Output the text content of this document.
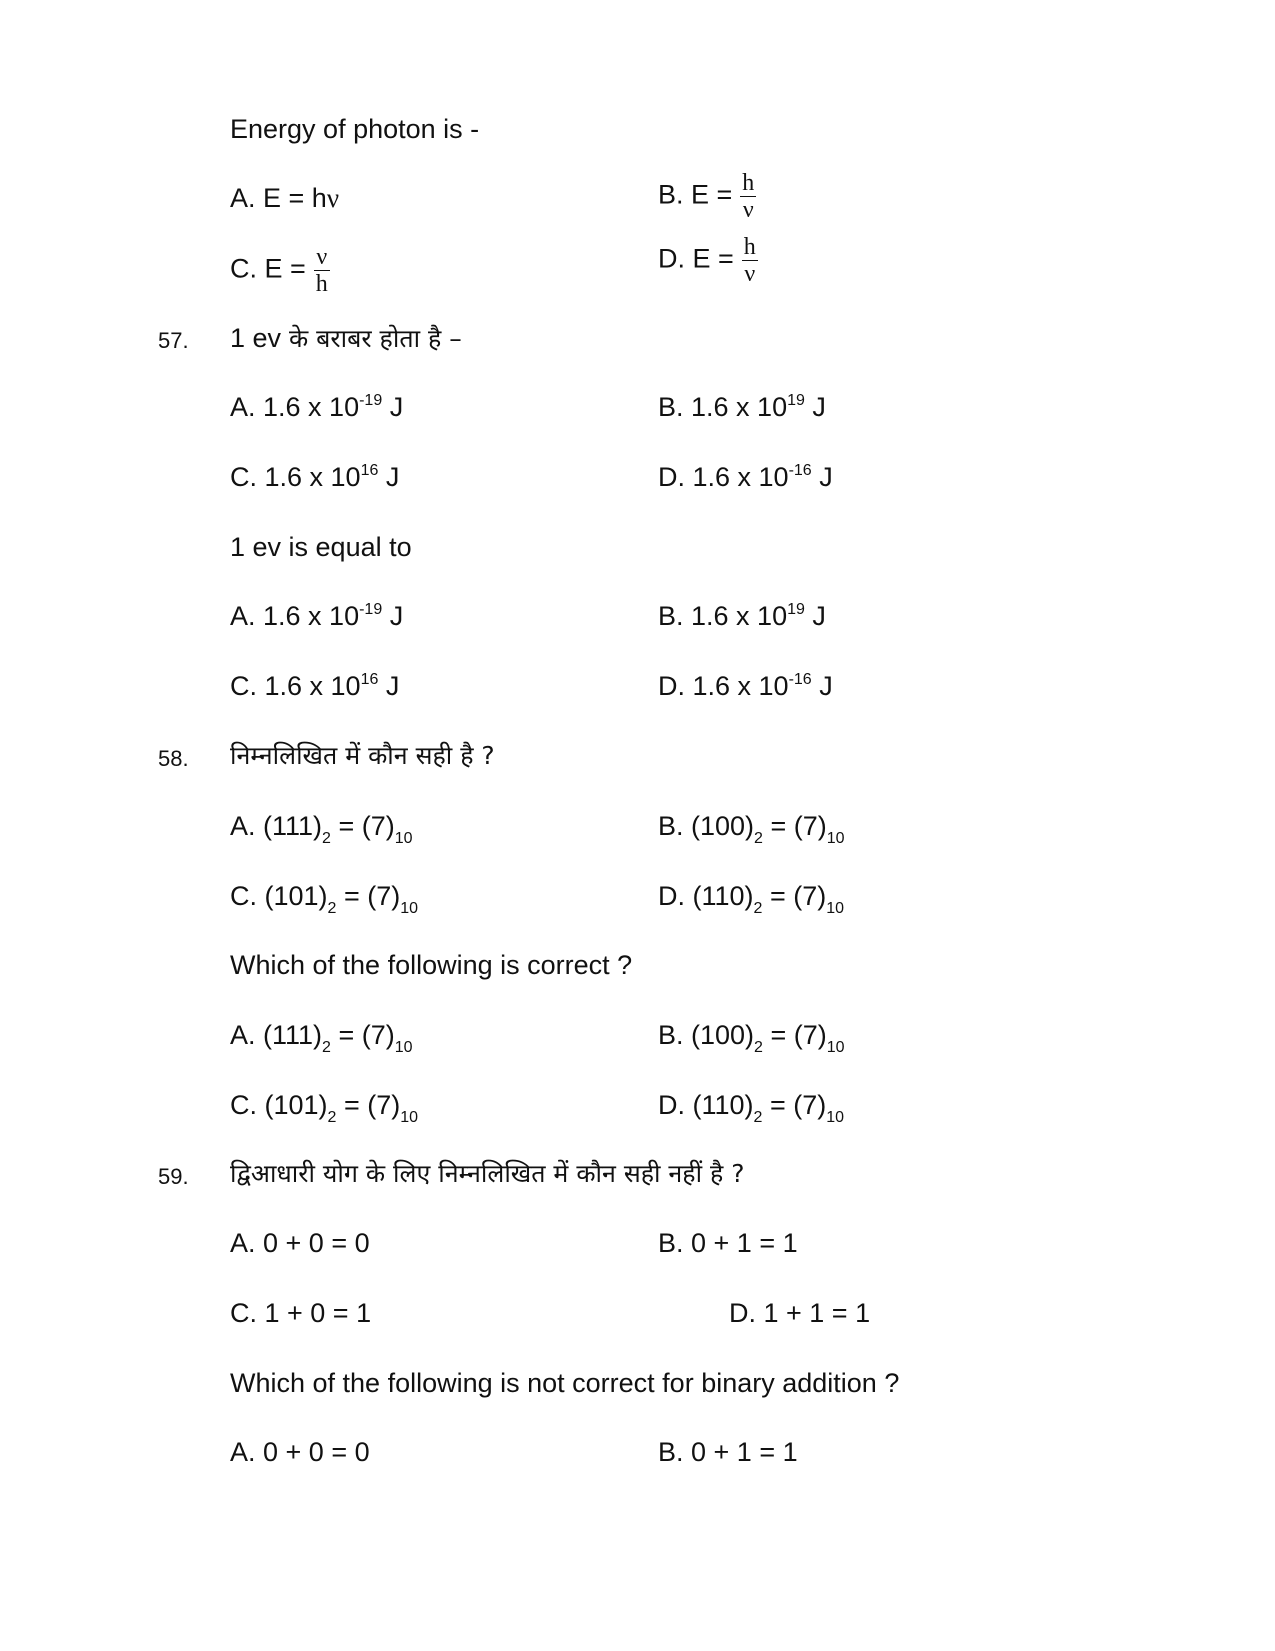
Energy of photon is -
A. E = hν	B. $E = \frac{h}{\nu}$
C. $E = \frac{\nu}{h}$	D. $E = \frac{h}{\nu}$
57. 1 ev के बराबर होता है –
A. 1.6 x $10^{-19}$ J	B. 1.6 x $10^{19}$ J
C. 1.6 x $10^{16}$ J	D. 1.6 x $10^{-16}$ J
1 ev is equal to
A. 1.6 x $10^{-19}$ J	B. 1.6 x $10^{19}$ J
C. 1.6 x $10^{16}$ J	D. 1.6 x $10^{-16}$ J
58. निम्नलिखित में कौन सही है ?
A. $(111)_2 = (7)_{10}$	B. $(100)_2 = (7)_{10}$
C. $(101)_2 = (7)_{10}$	D. $(110)_2 = (7)_{10}$
Which of the following is correct ?
A. $(111)_2 = (7)_{10}$	B. $(100)_2 = (7)_{10}$
C. $(101)_2 = (7)_{10}$	D. $(110)_2 = (7)_{10}$
59. द्विआधारी योग के लिए निम्नलिखित में कौन सही नहीं है ?
A. 0 + 0 = 0	B. 0 + 1 = 1
C. 1 + 0 = 1	D. 1 + 1 = 1
Which of the following is not correct for binary addition ?
A. 0 + 0 = 0	B. 0 + 1 = 1
